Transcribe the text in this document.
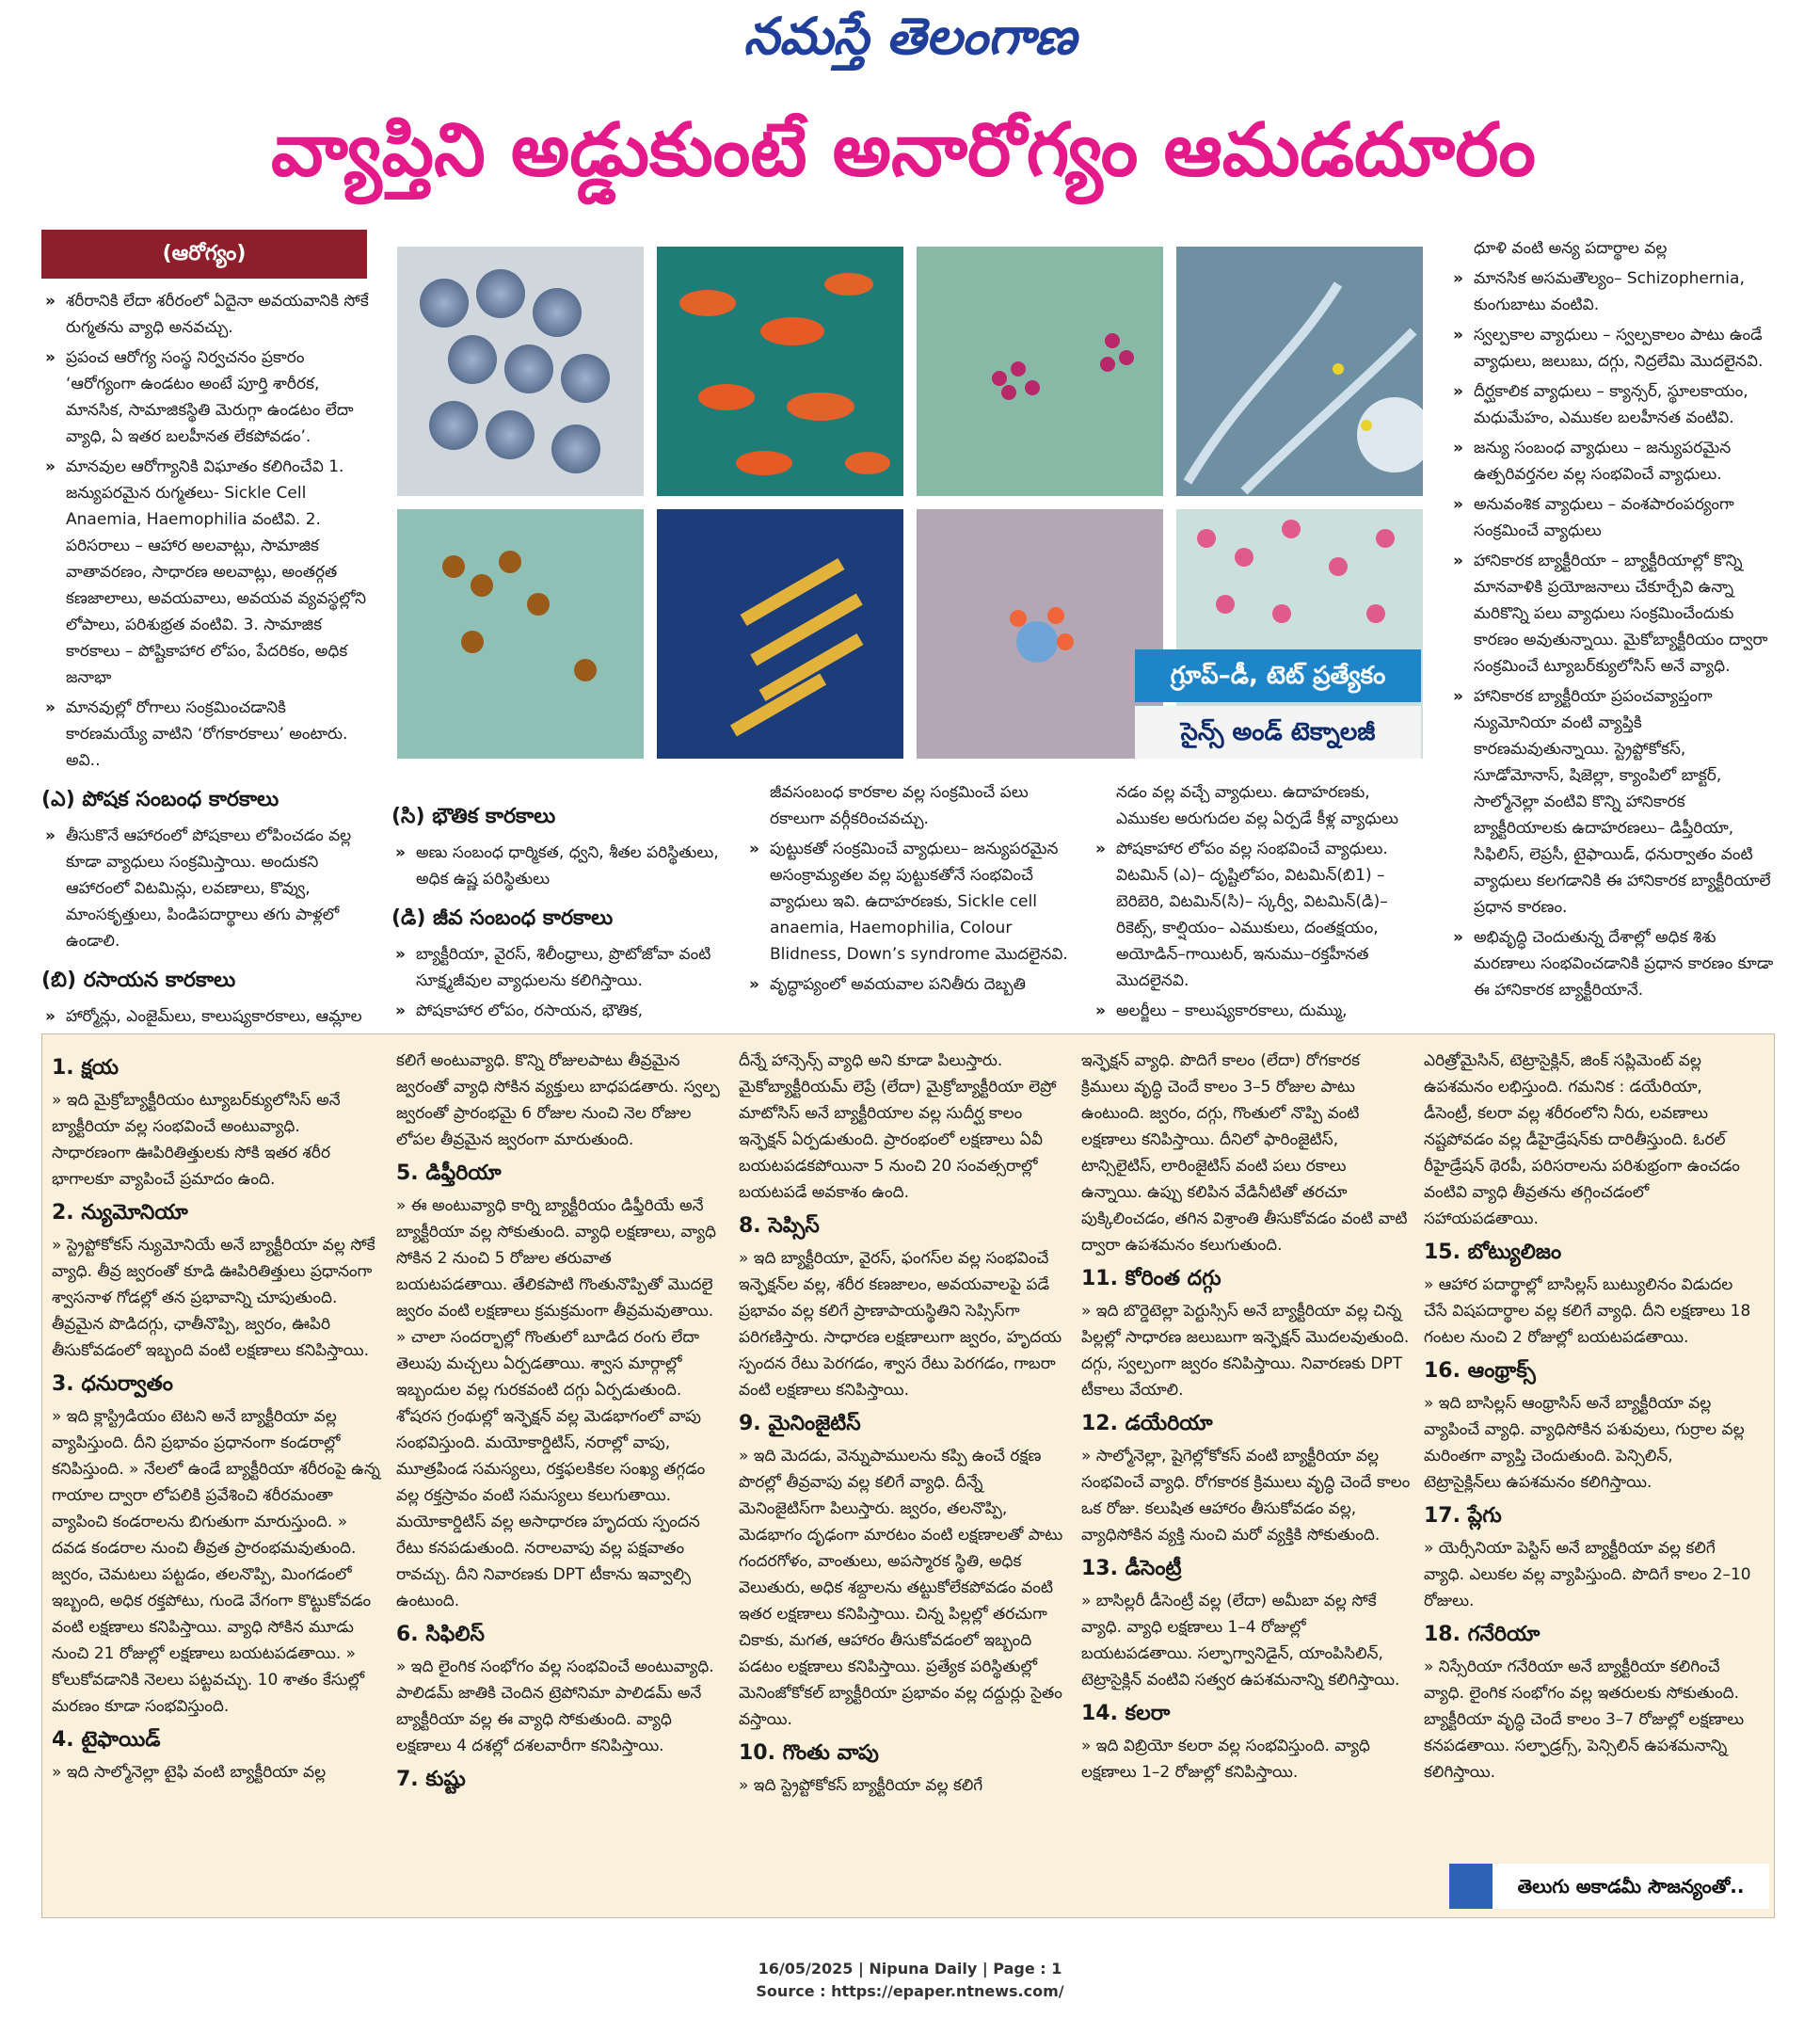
నమస్తే తెలంగాణ
వ్యాప్తిని అడ్డుకుంటే అనారోగ్యం ఆమడదూరం
(ఆరోగ్యం)

» శరీరానికి లేదా శరీరంలో ఏదైనా అవయవానికి సోకే రుగ్మతను వ్యాధి అనవచ్చు.

» ప్రపంచ ఆరోగ్య సంస్థ నిర్వచనం ప్రకారం ‘ఆరోగ్యంగా ఉండటం అంటే పూర్తి శారీరక, మానసిక, సామాజికస్థితి మెరుగ్గా ఉండటం లేదా వ్యాధి, ఏ ఇతర బలహీనత లేకపోవడం’.

» మానవుల ఆరోగ్యానికి విఘాతం కలిగించేవి 1. జన్యుపరమైన రుగ్మతలు- Sickle Cell Anaemia, Haemophilia వంటివి. 2. పరిసరాలు – ఆహార అలవాట్లు, సామాజిక వాతావరణం, సాధారణ అలవాట్లు, అంతర్గత కణజాలాలు, అవయవాలు, అవయవ వ్యవస్థల్లోని లోపాలు, పరిశుభ్రత వంటివి. 3. సామాజిక కారకాలు – పోష్టికాహార లోపం, పేదరికం, అధిక జనాభా

» మానవుల్లో రోగాలు సంక్రమించడానికి కారణమయ్యే వాటిని ‘రోగకారకాలు’ అంటారు. అవి..

(ఎ) పోషక సంబంధ కారకాలు

» తీసుకొనే ఆహారంలో పోషకాలు లోపించడం వల్ల కూడా వ్యాధులు సంక్రమిస్తాయి. అందుకని ఆహారంలో విటమిన్లు, లవణాలు, కొవ్వు, మాంసకృత్తులు, పిండిపదార్థాలు తగు పాళ్లలో ఉండాలి.

(బి) రసాయన కారకాలు

» హార్మోన్లు, ఎంజైమ్‌లు, కాలుష్యకారకాలు, ఆమ్లాల

గ్రూప్–డీ, టెట్ ప్రత్యేకం
సైన్స్ అండ్ టెక్నాలజీ
(సి) భౌతిక కారకాలు

» అణు సంబంధ ధార్మికత, ధ్వని, శీతల పరిస్థితులు, అధిక ఉష్ణ పరిస్థితులు

(డి) జీవ సంబంధ కారకాలు

» బ్యాక్టీరియా, వైరస్, శిలీంధ్రాలు, ప్రొటోజోవా వంటి సూక్ష్మజీవుల వ్యాధులను కలిగిస్తాయి.

» పోషకాహార లోపం, రసాయన, భౌతిక,

జీవసంబంధ కారకాల వల్ల సంక్రమించే పలు రకాలుగా వర్గీకరించవచ్చు.

» పుట్టుకతో సంక్రమించే వ్యాధులు– జన్యుపరమైన అసంక్రామ్యతల వల్ల పుట్టుకతోనే సంభవించే వ్యాధులు ఇవి. ఉదాహరణకు, Sickle cell anaemia, Haemophilia, Colour Blidness, Down’s syndrome మొదలైనవి.

» వృద్ధాప్యంలో అవయవాల పనితీరు దెబ్బతి

నడం వల్ల వచ్చే వ్యాధులు. ఉదాహరణకు, ఎముకల అరుగుదల వల్ల ఏర్పడే కీళ్ల వ్యాధులు

» పోషకాహార లోపం వల్ల సంభవించే వ్యాధులు. విటమిన్ (ఎ)– దృష్టిలోపం, విటమిన్(బి1) – బెరిబెరి, విటమిన్(సి)– స్కర్వీ, విటమిన్(డి)– రికెట్స్, కాల్షియం– ఎముకులు, దంతక్షయం, అయోడిన్–గాయిటర్, ఇనుము–రక్తహీనత మొదలైనవి.

» అలర్జీలు – కాలుష్యకారకాలు, దుమ్ము,

ధూళి వంటి అన్య పదార్థాల వల్ల

» మానసిక అసమతౌల్యం– Schizophernia, కుంగుబాటు వంటివి.

» స్వల్పకాల వ్యాధులు – స్వల్పకాలం పాటు ఉండే వ్యాధులు, జలుబు, దగ్గు, నిద్రలేమి మొదలైనవి.

» దీర్ఘకాలిక వ్యాధులు – క్యాన్సర్, స్థూలకాయం, మధుమేహం, ఎముకల బలహీనత వంటివి.

» జన్యు సంబంధ వ్యాధులు – జన్యుపరమైన ఉత్పరివర్తనల వల్ల సంభవించే వ్యాధులు.

» అనువంశిక వ్యాధులు – వంశపారంపర్యంగా సంక్రమించే వ్యాధులు

» హానికారక బ్యాక్టీరియా – బ్యాక్టీరియాల్లో కొన్ని మానవాళికి ప్రయోజనాలు చేకూర్చేవి ఉన్నా మరికొన్ని పలు వ్యాధులు సంక్రమించేందుకు కారణం అవుతున్నాయి. మైకోబ్యాక్టీరియం ద్వారా సంక్రమించే ట్యూబర్‌క్యులోసిస్ అనే వ్యాధి.

» హానికారక బ్యాక్టీరియా ప్రపంచవ్యాప్తంగా న్యుమోనియా వంటి వ్యాప్తికి కారణమవుతున్నాయి. స్ట్రెప్టోకోకస్, సూడోమోనాస్, షిజెల్లా, క్యాంపిలో బాక్టర్, సాల్మోనెల్లా వంటివి కొన్ని హానికారక బ్యాక్టీరియాలకు ఉదాహరణలు– డిప్తీరియా, సిఫిలిస్, లెప్రసీ, టైఫాయిడ్, ధనుర్వాతం వంటి వ్యాధులు కలగడానికి ఈ హానికారక బ్యాక్టీరియాలే ప్రధాన కారణం.

» అభివృద్ధి చెందుతున్న దేశాల్లో అధిక శిశు మరణాలు సంభవించడానికి ప్రధాన కారణం కూడా ఈ హానికారక బ్యాక్టీరియానే.

1. క్షయ

» ఇది మైక్రోబ్యాక్టీరియం ట్యూబర్‌క్యులోసిస్ అనే బ్యాక్టీరియా వల్ల సంభవించే అంటువ్యాధి. సాధారణంగా ఊపిరితిత్తులకు సోకి ఇతర శరీర భాగాలకూ వ్యాపించే ప్రమాదం ఉంది.

2. న్యుమోనియా

» స్ట్రెప్టోకోకస్ న్యుమోనియే అనే బ్యాక్టీరియా వల్ల సోకే వ్యాధి. తీవ్ర జ్వరంతో కూడి ఊపిరితిత్తులు ప్రధానంగా శ్వాసనాళ గోడల్లో తన ప్రభావాన్ని చూపుతుంది. తీవ్రమైన పొడిదగ్గు, ఛాతీనొప్పి, జ్వరం, ఊపిరి తీసుకోవడంలో ఇబ్బంది వంటి లక్షణాలు కనిపిస్తాయి.

3. ధనుర్వాతం

» ఇది క్లాస్ట్రిడియం టెటని అనే బ్యాక్టీరియా వల్ల వ్యాపిస్తుంది. దీని ప్రభావం ప్రధానంగా కండరాల్లో కనిపిస్తుంది. » నేలలో ఉండే బ్యాక్టీరియా శరీరంపై ఉన్న గాయాల ద్వారా లోపలికి ప్రవేశించి శరీరమంతా వ్యాపించి కండరాలను బిగుతుగా మారుస్తుంది. » దవడ కండరాల నుంచి తీవ్రత ప్రారంభమవుతుంది. జ్వరం, చెమటలు పట్టడం, తలనొప్పి, మింగడంలో ఇబ్బంది, అధిక రక్తపోటు, గుండె వేగంగా కొట్టుకోవడం వంటి లక్షణాలు కనిపిస్తాయి. వ్యాధి సోకిన మూడు నుంచి 21 రోజుల్లో లక్షణాలు బయటపడతాయి. » కోలుకోవడానికి నెలలు పట్టవచ్చు. 10 శాతం కేసుల్లో మరణం కూడా సంభవిస్తుంది.

4. టైఫాయిడ్

» ఇది సాల్మోనెల్లా టైఫి వంటి బ్యాక్టీరియా వల్ల

కలిగే అంటువ్యాధి. కొన్ని రోజులపాటు తీవ్రమైన జ్వరంతో వ్యాధి సోకిన వ్యక్తులు బాధపడతారు. స్వల్ప జ్వరంతో ప్రారంభమై 6 రోజుల నుంచి నెల రోజుల లోపల తీవ్రమైన జ్వరంగా మారుతుంది.

5. డిఫ్తీరియా

» ఈ అంటువ్యాధి కార్ని బ్యాక్టీరియం డిఫ్తీరియే అనే బ్యాక్టీరియా వల్ల సోకుతుంది. వ్యాధి లక్షణాలు, వ్యాధి సోకిన 2 నుంచి 5 రోజుల తరువాత బయటపడతాయి. తేలికపాటి గొంతునొప్పితో మొదలై జ్వరం వంటి లక్షణాలు క్రమక్రమంగా తీవ్రమవుతాయి. » చాలా సందర్భాల్లో గొంతులో బూడిద రంగు లేదా తెలుపు మచ్చలు ఏర్పడతాయి. శ్వాస మార్గాల్లో ఇబ్బందుల వల్ల గురకవంటి దగ్గు ఏర్పడుతుంది. శోషరస గ్రంథుల్లో ఇన్ఫెక్షన్ వల్ల మెడభాగంలో వాపు సంభవిస్తుంది. మయోకార్డిటిస్, నరాల్లో వాపు, మూత్రపిండ సమస్యలు, రక్తఫలకికల సంఖ్య తగ్గడం వల్ల రక్తస్రావం వంటి సమస్యలు కలుగుతాయి. మయోకార్డిటిస్ వల్ల అసాధారణ హృదయ స్పందన రేటు కనపడుతుంది. నరాలవాపు వల్ల పక్షవాతం రావచ్చు. దీని నివారణకు DPT టీకాను ఇవ్వాల్సి ఉంటుంది.

6. సిఫిలిస్

» ఇది లైంగిక సంభోగం వల్ల సంభవించే అంటువ్యాధి. పాలిడమ్ జాతికి చెందిన ట్రెపోనిమా పాలిడమ్ అనే బ్యాక్టీరియా వల్ల ఈ వ్యాధి సోకుతుంది. వ్యాధి లక్షణాలు 4 దశల్లో దశలవారీగా కనిపిస్తాయి.

7. కుష్టు

దీన్నే హాన్సెన్స్ వ్యాధి అని కూడా పిలుస్తారు. మైకోబ్యాక్టీరియమ్ లెప్రే (లేదా) మైక్రోబ్యాక్టీరియా లెప్రో మాటోసిస్ అనే బ్యాక్టీరియాల వల్ల సుదీర్ఘ కాలం ఇన్ఫెక్షన్ ఏర్పడుతుంది. ప్రారంభంలో లక్షణాలు ఏవీ బయటపడకపోయినా 5 నుంచి 20 సంవత్సరాల్లో బయటపడే అవకాశం ఉంది.

8. సెప్సిస్

» ఇది బ్యాక్టీరియా, వైరస్, ఫంగస్‌ల వల్ల సంభవించే ఇన్ఫెక్షన్‌ల వల్ల, శరీర కణజాలం, అవయవాలపై పడే ప్రభావం వల్ల కలిగే ప్రాణాపాయస్థితిని సెప్సిస్‌గా పరిగణిస్తారు. సాధారణ లక్షణాలుగా జ్వరం, హృదయ స్పందన రేటు పెరగడం, శ్వాస రేటు పెరగడం, గాబరా వంటి లక్షణాలు కనిపిస్తాయి.

9. మైనింజైటిస్

» ఇది మెదడు, వెన్నుపాములను కప్పి ఉంచే రక్షణ పొరల్లో తీవ్రవాపు వల్ల కలిగే వ్యాధి. దీన్నే మెనింజైటిస్‌గా పిలుస్తారు. జ్వరం, తలనొప్పి, మెడభాగం దృఢంగా మారటం వంటి లక్షణాలతో పాటు గందరగోళం, వాంతులు, అపస్మారక స్థితి, అధిక వెలుతురు, అధిక శబ్దాలను తట్టుకోలేకపోవడం వంటి ఇతర లక్షణాలు కనిపిస్తాయి. చిన్న పిల్లల్లో తరచుగా చికాకు, మగత, ఆహారం తీసుకోవడంలో ఇబ్బంది పడటం లక్షణాలు కనిపిస్తాయి. ప్రత్యేక పరిస్థితుల్లో మెనింజోకోకల్ బ్యాక్టీరియా ప్రభావం వల్ల దద్దుర్లు సైతం వస్తాయి.

10. గొంతు వాపు

» ఇది స్ట్రెప్టోకోకస్ బ్యాక్టీరియా వల్ల కలిగే

ఇన్ఫెక్షన్ వ్యాధి. పొదిగే కాలం (లేదా) రోగకారక క్రిములు వృద్ధి చెందే కాలం 3–5 రోజుల పాటు ఉంటుంది. జ్వరం, దగ్గు, గొంతులో నొప్పి వంటి లక్షణాలు కనిపిస్తాయి. దీనిలో ఫారింజైటిస్, టాన్సిలైటిస్, లారింజైటిస్ వంటి పలు రకాలు ఉన్నాయి. ఉప్పు కలిపిన వేడినీటితో తరచూ పుక్కిలించడం, తగిన విశ్రాంతి తీసుకోవడం వంటి వాటి ద్వారా ఉపశమనం కలుగుతుంది.

11. కోరింత దగ్గు

» ఇది బొర్డెటెల్లా పెర్టుస్సిస్ అనే బ్యాక్టీరియా వల్ల చిన్న పిల్లల్లో సాధారణ జలుబుగా ఇన్ఫెక్షన్ మొదలవుతుంది. దగ్గు, స్వల్పంగా జ్వరం కనిపిస్తాయి. నివారణకు DPT టీకాలు వేయాలి.

12. డయేరియా

» సాల్మోనెల్లా, షైగెల్లోకోకస్ వంటి బ్యాక్టీరియా వల్ల సంభవించే వ్యాధి. రోగకారక క్రిములు వృద్ధి చెందే కాలం ఒక రోజు. కలుషిత ఆహారం తీసుకోవడం వల్ల, వ్యాధిసోకిన వ్యక్తి నుంచి మరో వ్యక్తికి సోకుతుంది.

13. డీసెంట్రీ

» బాసిల్లరీ డీసెంట్రీ వల్ల (లేదా) అమీబా వల్ల సోకే వ్యాధి. వ్యాధి లక్షణాలు 1–4 రోజుల్లో బయటపడతాయి. సల్ఫాగ్వానిడైన్, యాంపిసిలిన్, టెట్రాసైక్లిన్ వంటివి సత్వర ఉపశమనాన్ని కలిగిస్తాయి.

14. కలరా

» ఇది విబ్రియో కలరా వల్ల సంభవిస్తుంది. వ్యాధి లక్షణాలు 1–2 రోజుల్లో కనిపిస్తాయి.

ఎరిత్రోమైసిన్, టెట్రాసైక్లిన్, జింక్ సప్లిమెంట్ వల్ల ఉపశమనం లభిస్తుంది. గమనిక : డయేరియా, డీసెంట్రీ, కలరా వల్ల శరీరంలోని నీరు, లవణాలు నష్టపోవడం వల్ల డీహైడ్రేషన్‌కు దారితీస్తుంది. ఓరల్ రీహైడ్రేషన్ థెరపీ, పరిసరాలను పరిశుభ్రంగా ఉంచడం వంటివి వ్యాధి తీవ్రతను తగ్గించడంలో సహాయపడతాయి.

15. బోట్యులిజం

» ఆహార పదార్థాల్లో బాసిల్లస్ బుట్యులినం విడుదల చేసే విషపదార్థాల వల్ల కలిగే వ్యాధి. దీని లక్షణాలు 18 గంటల నుంచి 2 రోజుల్లో బయటపడతాయి.

16. ఆంథ్రాక్స్

» ఇది బాసిల్లస్ ఆంథ్రాసిస్ అనే బ్యాక్టీరియా వల్ల వ్యాపించే వ్యాధి. వ్యాధిసోకిన పశువులు, గుర్రాల వల్ల మరింతగా వ్యాప్తి చెందుతుంది. పెన్సిలిన్, టెట్రాసైక్లిన్‌లు ఉపశమనం కలిగిస్తాయి.

17. ప్లేగు

» యెర్సీనియా పెస్టిస్ అనే బ్యాక్టీరియా వల్ల కలిగే వ్యాధి. ఎలుకల వల్ల వ్యాపిస్తుంది. పొదిగే కాలం 2–10 రోజులు.

18. గనేరియా

» నిస్సేరియా గనేరియా అనే బ్యాక్టీరియా కలిగించే వ్యాధి. లైంగిక సంభోగం వల్ల ఇతరులకు సోకుతుంది. బ్యాక్టీరియా వృద్ధి చెందే కాలం 3–7 రోజుల్లో లక్షణాలు కనపడతాయి. సల్ఫాడ్రగ్స్, పెన్సిలిన్ ఉపశమనాన్ని కలిగిస్తాయి.

తెలుగు అకాడమీ సౌజన్యంతో..
16/05/2025 | Nipuna Daily | Page : 1
Source : https://epaper.ntnews.com/
